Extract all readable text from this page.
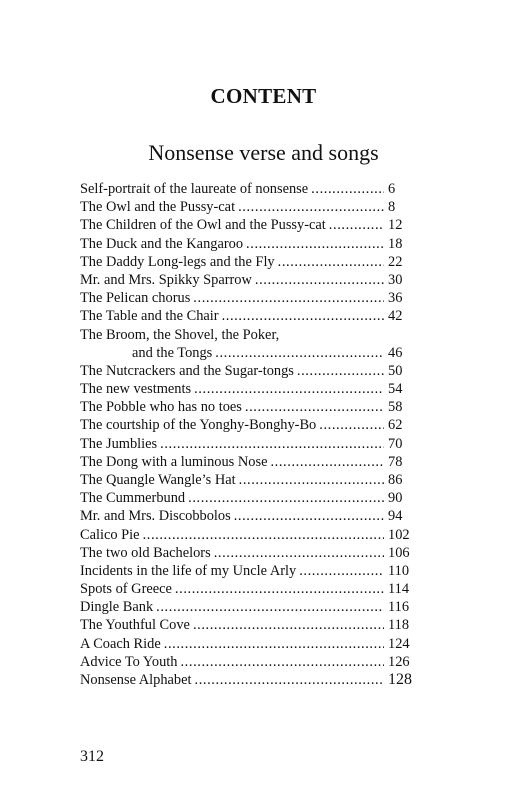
CONTENT
Nonsense verse and songs
Self-portrait of the laureate of nonsense .....	6
The Owl and the Pussy-cat .....	8
The Children of the Owl and the Pussy-cat .....	12
The Duck and the Kangaroo .....	18
The Daddy Long-legs and the Fly .....	22
Mr. and Mrs. Spikky Sparrow .....	30
The Pelican chorus .....	36
The Table and the Chair .....	42
The Broom, the Shovel, the Poker,
and the Tongs .....	46
The Nutcrackers and the Sugar-tongs .....	50
The new vestments .....	54
The Pobble who has no toes .....	58
The courtship of the Yonghy-Bonghy-Bo .....	62
The Jumblies .....	70
The Dong with a luminous Nose .....	78
The Quangle Wangle’s Hat .....	86
The Cummerbund .....	90
Mr. and Mrs. Discobbolos .....	94
Calico Pie .....	102
The two old Bachelors .....	106
Incidents in the life of my Uncle Arly .....	110
Spots of Greece .....	114
Dingle Bank .....	116
The Youthful Cove .....	118
A Coach Ride .....	124
Advice To Youth .....	126
Nonsense Alphabet .....	128
312
